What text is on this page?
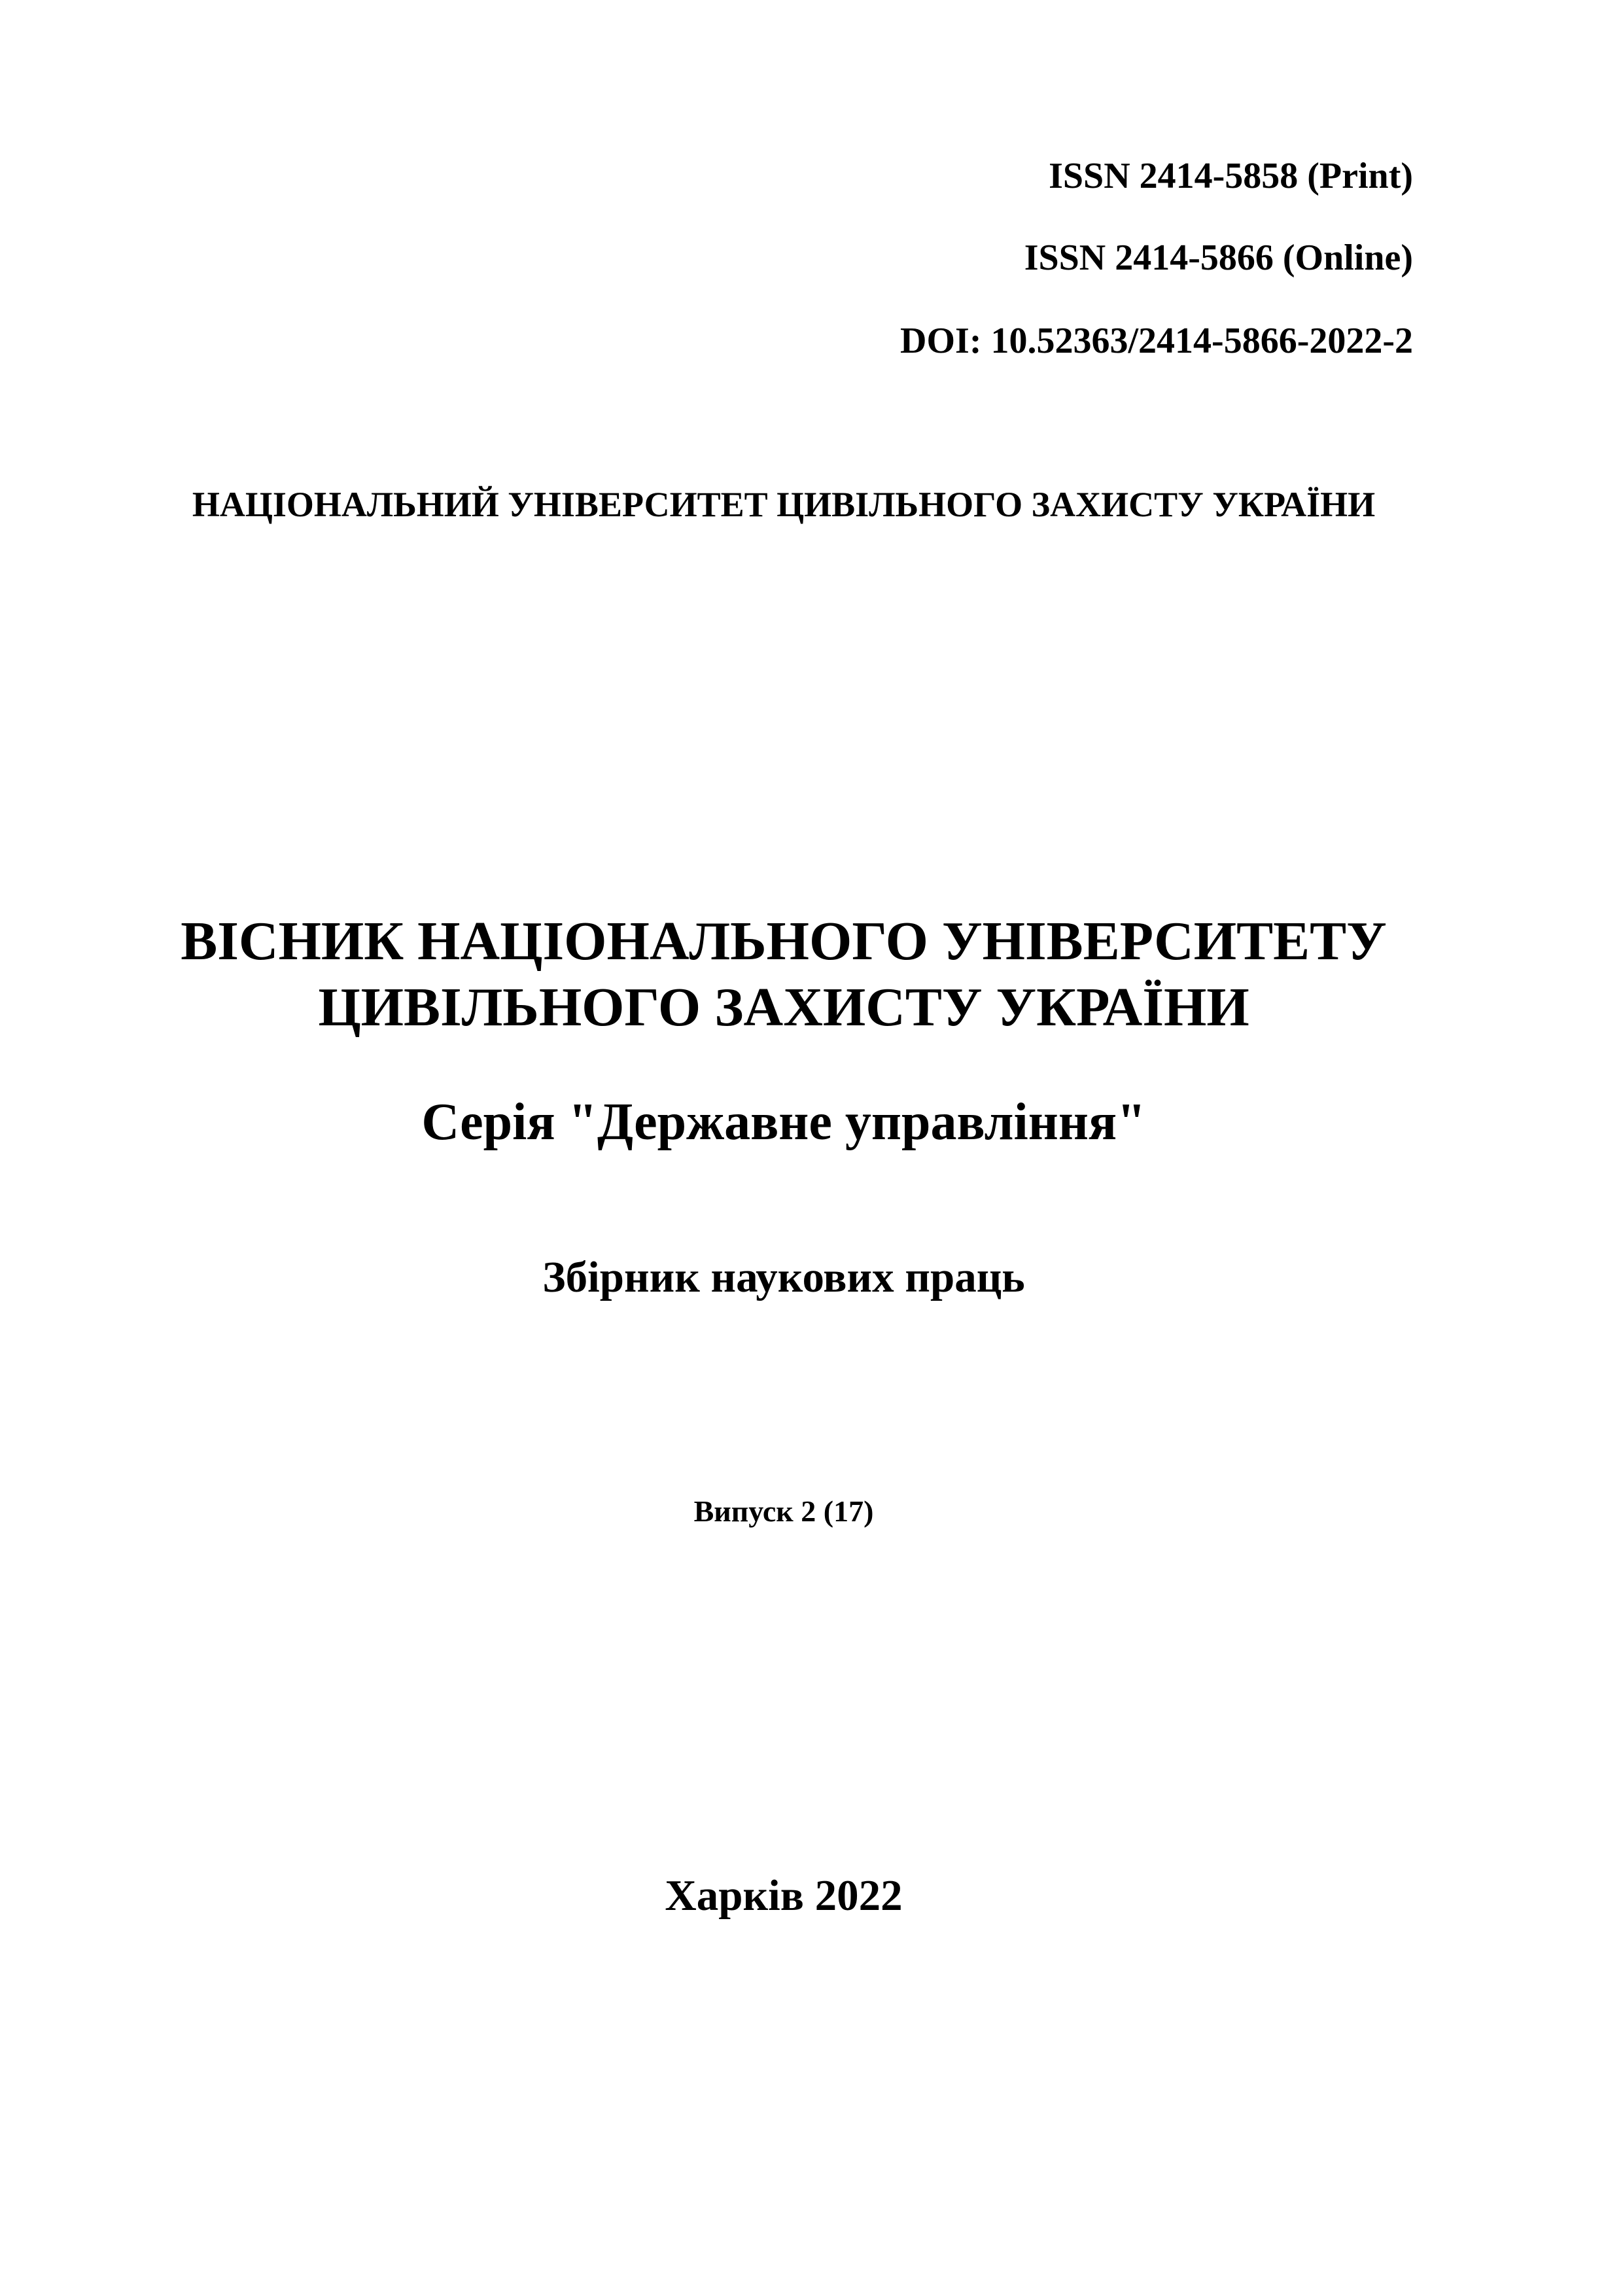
ISSN 2414-5858 (Print)
ISSN 2414-5866 (Online)
DOI: 10.52363/2414-5866-2022-2
НАЦІОНАЛЬНИЙ УНІВЕРСИТЕТ ЦИВІЛЬНОГО ЗАХИСТУ УКРАЇНИ
ВІСНИК НАЦІОНАЛЬНОГО УНІВЕРСИТЕТУ
ЦИВІЛЬНОГО ЗАХИСТУ УКРАЇНИ
Серія "Державне управління"
Збірник наукових праць
Випуск 2 (17)
Харків 2022
